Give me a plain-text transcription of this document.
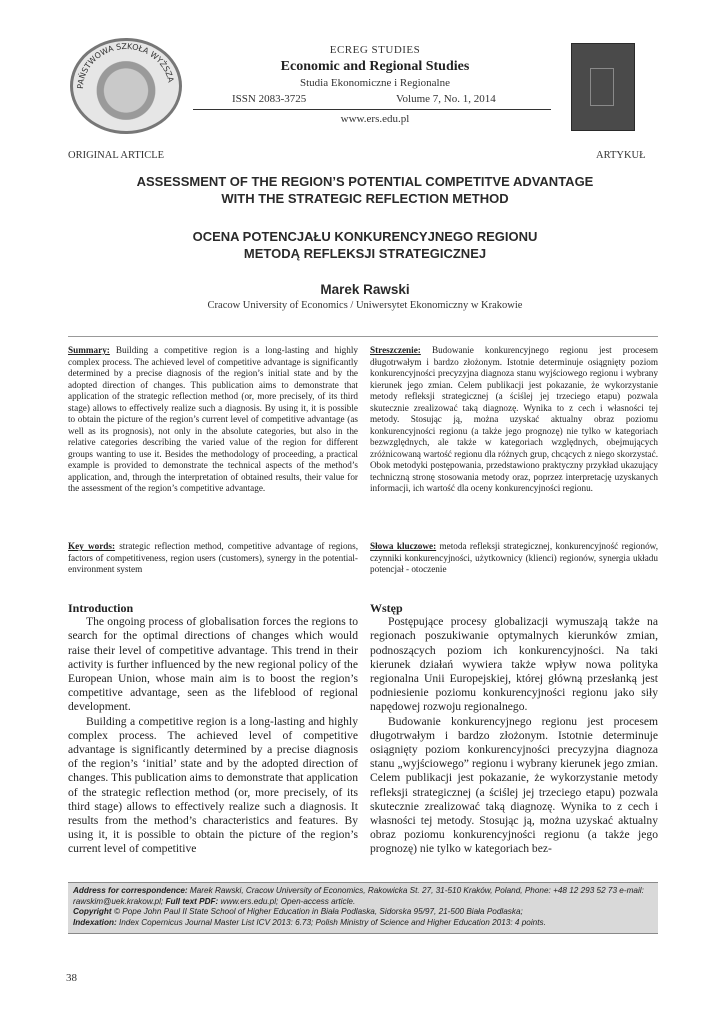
PAŃSTWOWA SZKOŁA WYŻSZA
ECREG STUDIES
Economic and Regional Studies
Studia Ekonomiczne i Regionalne
ISSN 2083-3725	Volume 7, No. 1, 2014
www.ers.edu.pl
ORIGINAL ARTICLE	ARTYKUŁ
ASSESSMENT OF THE REGION’S POTENTIAL COMPETITVE ADVANTAGE
WITH THE STRATEGIC REFLECTION METHOD
OCENA POTENCJAŁU KONKURENCYJNEGO REGIONU
METODĄ REFLEKSJI STRATEGICZNEJ
Marek Rawski
Cracow University of Economics / Uniwersytet Ekonomiczny w Krakowie
Summary: Building a competitive region is a long-lasting and highly complex process. The achieved level of competitive advantage is significantly determined by a precise diagnosis of the region’s initial state and by the adopted direction of changes. This publication aims to demonstrate that application of the strategic reflection method (or, more precisely, of its third stage) allows to effectively realize such a diagnosis. By using it, it is possible to obtain the picture of the region’s current level of competitive advantage (as well as its prognosis), not only in the absolute categories, but also in the relative categories describing the varied value of the region for different groups wanting to use it. Besides the methodology of proceeding, a practical example is provided to demonstrate the technical aspects of the method’s application, and, through the interpretation of obtained results, their value for the assessment of the region’s competitive advantage.
Key words: strategic reflection method, competitive advantage of regions, factors of competitiveness, region users (customers), synergy in the potential-environment system
Streszczenie: Budowanie konkurencyjnego regionu jest procesem długotrwałym i bardzo złożonym. Istotnie determinuje osiągnięty poziom konkurencyjności precyzyjna diagnoza stanu wyjściowego regionu i wybrany kierunek jego zmian. Celem publikacji jest pokazanie, że wykorzystanie metody refleksji strategicznej (a ściślej jej trzeciego etapu) pozwala skutecznie zrealizować taką diagnozę. Wynika to z cech i własności tej metody. Stosując ją, można uzyskać aktualny obraz poziomu konkurencyjności regionu (a także jego prognozę) nie tylko w kategoriach bezwzględnych, ale także w kategoriach względnych, obejmujących zróżnicowaną wartość regionu dla różnych grup, chcących z niego skorzystać. Obok metodyki postępowania, przedstawiono praktyczny przykład ukazujący techniczną stronę stosowania metody oraz, poprzez interpretację uzyskanych informacji, ich wartość dla oceny konkurencyjności regionu.
Słowa kluczowe: metoda refleksji strategicznej, konkurencyjność regionów, czynniki konkurencyjności, użytkownicy (klienci) regionów, synergia układu potencjał - otoczenie
Introduction

The ongoing process of globalisation forces the regions to search for the optimal directions of changes which would raise their level of competitive advantage. This trend in their activity is further influenced by the new regional policy of the European Union, whose main aim is to boost the region’s competitive advantage, seen as the lifeblood of regional development.

Building a competitive region is a long-lasting and highly complex process. The achieved level of competitive advantage is significantly determined by a precise diagnosis of the region’s ‘initial’ state and by the adopted direction of changes. This publication aims to demonstrate that application of the strategic reflection method (or, more precisely, of its third stage) allows to effectively realize such a diagnosis. It results from the method’s characteristics and features. By using it, it is possible to obtain the picture of the region’s current level of competitive

Wstęp

Postępujące procesy globalizacji wymuszają także na regionach poszukiwanie optymalnych kierunków zmian, podnoszących poziom ich konkurencyjności. Na taki kierunek działań wywiera także wpływ nowa polityka regionalna Unii Europejskiej, której główną przesłanką jest podniesienie poziomu konkurencyjności regionu jako siły napędowej rozwoju regionalnego.

Budowanie konkurencyjnego regionu jest procesem długotrwałym i bardzo złożonym. Istotnie determinuje osiągnięty poziom konkurencyjności precyzyjna diagnoza stanu „wyjściowego” regionu i wybrany kierunek jego zmian. Celem publikacji jest pokazanie, że wykorzystanie metody refleksji strategicznej (a ściślej jej trzeciego etapu) pozwala skutecznie zrealizować taką diagnozę. Wynika to z cech i własności tej metody. Stosując ją, można uzyskać aktualny obraz poziomu konkurencyjności regionu (a także jego prognozę) nie tylko w kategoriach bez-

Address for correspondence: Marek Rawski, Cracow University of Economics, Rakowicka St. 27, 31-510 Kraków, Poland, Phone: +48 12 293 52 73 e-mail: rawskim@uek.krakow.pl; Full text PDF: www.ers.edu.pl; Open-access article.
Copyright © Pope John Paul II State School of Higher Education in Biała Podlaska, Sidorska 95/97, 21-500 Biała Podlaska;
Indexation: Index Copernicus Journal Master List ICV 2013: 6.73; Polish Ministry of Science and Higher Education 2013: 4 points.
38
